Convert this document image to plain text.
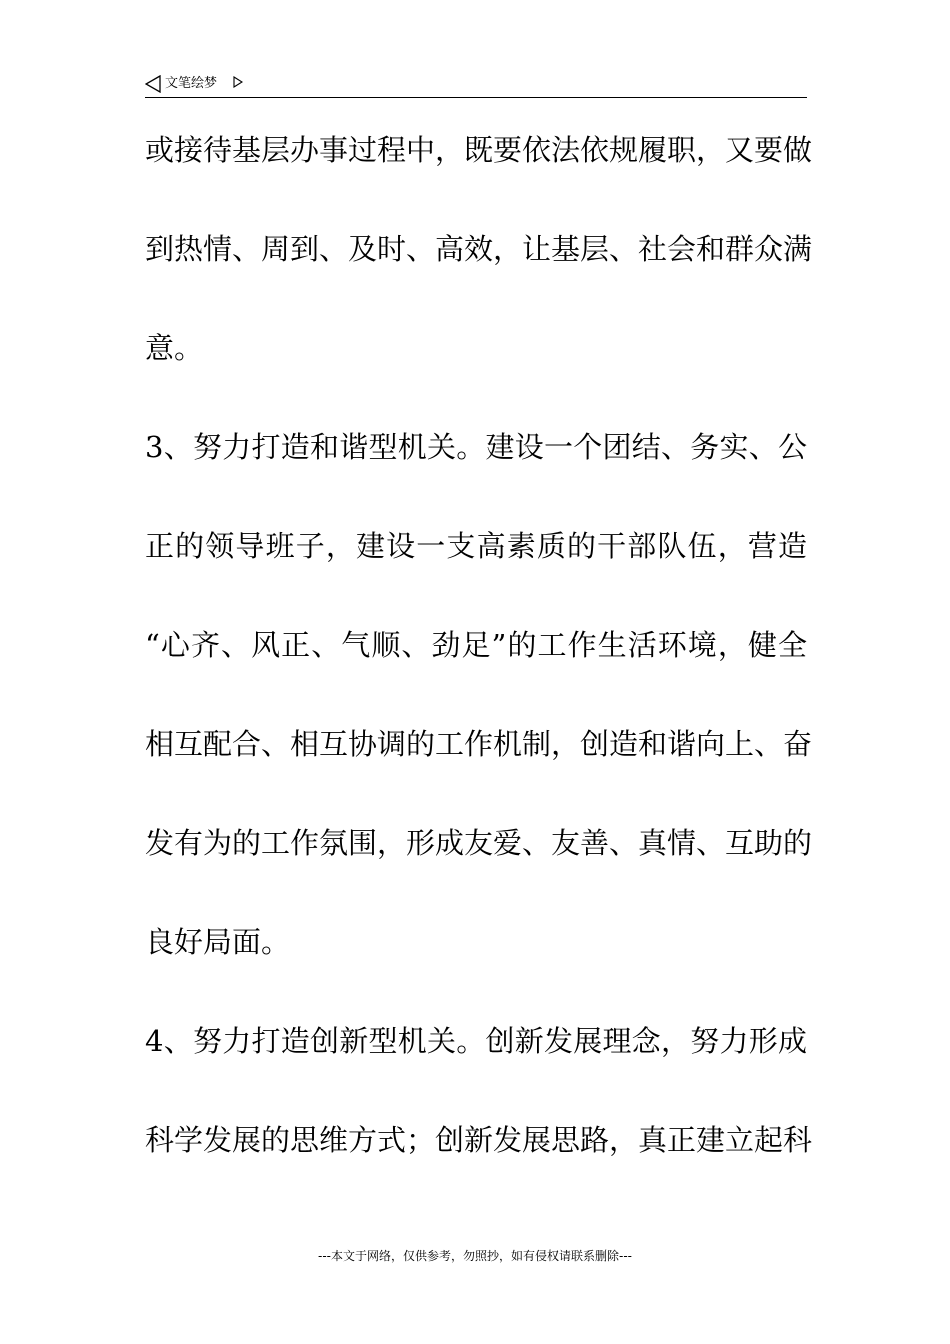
文笔绘梦
或接待基层办事过程中，既要依法依规履职，又要做
到热情、周到、及时、高效，让基层、社会和群众满
意。
3、努力打造和谐型机关。建设一个团结、务实、公
正的领导班子，建设一支高素质的干部队伍，营造
“心齐、风正、气顺、劲足”的工作生活环境，健全
相互配合、相互协调的工作机制，创造和谐向上、奋
发有为的工作氛围，形成友爱、友善、真情、互助的
良好局面。
4、努力打造创新型机关。创新发展理念，努力形成
科学发展的思维方式；创新发展思路，真正建立起科
---本文于网络，仅供参考，勿照抄，如有侵权请联系删除---
